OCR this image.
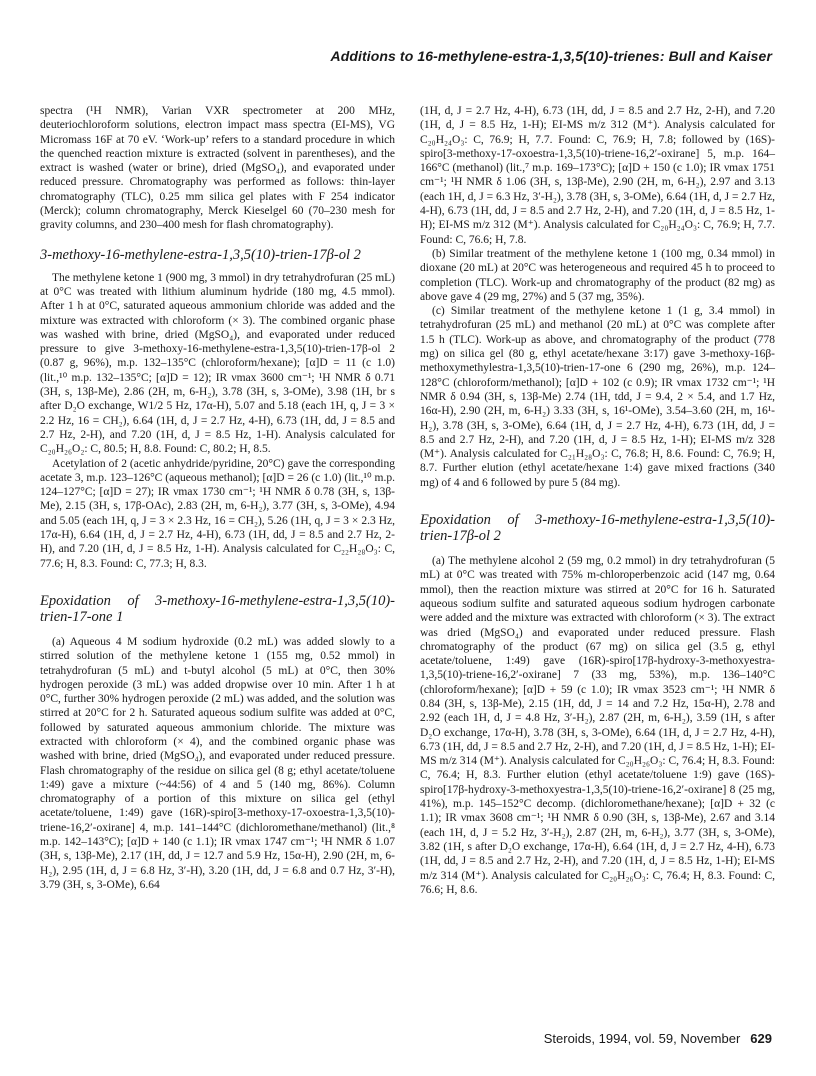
Additions to 16-methylene-estra-1,3,5(10)-trienes: Bull and Kaiser

spectra (¹H NMR), Varian VXR spectrometer at 200 MHz, deuteriochloroform solutions, electron impact mass spectra (EI-MS), VG Micromass 16F at 70 eV. ‘Work-up’ refers to a standard procedure in which the quenched reaction mixture is extracted (solvent in parentheses), and the extract is washed (water or brine), dried (MgSO₄), and evaporated under reduced pressure. Chromatography was performed as follows: thin-layer chromatography (TLC), 0.25 mm silica gel plates with F 254 indicator (Merck); column chromatography, Merck Kieselgel 60 (70–230 mesh for gravity columns, and 230–400 mesh for flash chromatography).

3-methoxy-16-methylene-estra-1,3,5(10)-trien-17β-ol 2

The methylene ketone 1 (900 mg, 3 mmol) in dry tetrahydrofuran (25 mL) at 0°C was treated with lithium aluminum hydride (180 mg, 4.5 mmol). After 1 h at 0°C, saturated aqueous ammonium chloride was added and the mixture was extracted with chloroform (× 3). The combined organic phase was washed with brine, dried (MgSO₄), and evaporated under reduced pressure to give 3-methoxy-16-methylene-estra-1,3,5(10)-trien-17β-ol 2 (0.87 g, 96%), m.p. 132–135°C (chloroform/hexane); [α]D = 11 (c 1.0) (lit.,¹⁰ m.p. 132–135°C; [α]D = 12); IR νmax 3600 cm⁻¹; ¹H NMR δ 0.71 (3H, s, 13β-Me), 2.86 (2H, m, 6-H₂), 3.78 (3H, s, 3-OMe), 3.98 (1H, br s after D₂O exchange, W1/2 5 Hz, 17α-H), 5.07 and 5.18 (each 1H, q, J = 3 × 2.2 Hz, 16 = CH₂), 6.64 (1H, d, J = 2.7 Hz, 4-H), 6.73 (1H, dd, J = 8.5 and 2.7 Hz, 2-H), and 7.20 (1H, d, J = 8.5 Hz, 1-H). Analysis calculated for C₂₀H₂₆O₂: C, 80.5; H, 8.8. Found: C, 80.2; H, 8.5.

Acetylation of 2 (acetic anhydride/pyridine, 20°C) gave the corresponding acetate 3, m.p. 123–126°C (aqueous methanol); [α]D = 26 (c 1.0) (lit.,¹⁰ m.p. 124–127°C; [α]D = 27); IR νmax 1730 cm⁻¹; ¹H NMR δ 0.78 (3H, s, 13β-Me), 2.15 (3H, s, 17β-OAc), 2.83 (2H, m, 6-H₂), 3.77 (3H, s, 3-OMe), 4.94 and 5.05 (each 1H, q, J = 3 × 2.3 Hz, 16 = CH₂), 5.26 (1H, q, J = 3 × 2.3 Hz, 17α-H), 6.64 (1H, d, J = 2.7 Hz, 4-H), 6.73 (1H, dd, J = 8.5 and 2.7 Hz, 2-H), and 7.20 (1H, d, J = 8.5 Hz, 1-H). Analysis calculated for C₂₂H₂₈O₃: C, 77.6; H, 8.3. Found: C, 77.3; H, 8.3.

Epoxidation of 3-methoxy-16-methylene-estra-1,3,5(10)-trien-17-one 1

(a) Aqueous 4 M sodium hydroxide (0.2 mL) was added slowly to a stirred solution of the methylene ketone 1 (155 mg, 0.52 mmol) in tetrahydrofuran (5 mL) and t-butyl alcohol (5 mL) at 0°C, then 30% hydrogen peroxide (3 mL) was added dropwise over 10 min. After 1 h at 0°C, further 30% hydrogen peroxide (2 mL) was added, and the solution was stirred at 20°C for 2 h. Saturated aqueous sodium sulfite was added at 0°C, followed by saturated aqueous ammonium chloride. The mixture was extracted with chloroform (× 4), and the combined organic phase was washed with brine, dried (MgSO₄), and evaporated under reduced pressure. Flash chromatography of the residue on silica gel (8 g; ethyl acetate/toluene 1:49) gave a mixture (~44:56) of 4 and 5 (140 mg, 86%). Column chromatography of a portion of this mixture on silica gel (ethyl acetate/toluene, 1:49) gave (16R)-spiro[3-methoxy-17-oxoestra-1,3,5(10)-triene-16,2′-oxirane] 4, m.p. 141–144°C (dichloromethane/methanol) (lit.,⁸ m.p. 142–143°C); [α]D + 140 (c 1.1); IR νmax 1747 cm⁻¹; ¹H NMR δ 1.07 (3H, s, 13β-Me), 2.17 (1H, dd, J = 12.7 and 5.9 Hz, 15α-H), 2.90 (2H, m, 6-H₂), 2.95 (1H, d, J = 6.8 Hz, 3′-H), 3.20 (1H, dd, J = 6.8 and 0.7 Hz, 3′-H), 3.79 (3H, s, 3-OMe), 6.64

(1H, d, J = 2.7 Hz, 4-H), 6.73 (1H, dd, J = 8.5 and 2.7 Hz, 2-H), and 7.20 (1H, d, J = 8.5 Hz, 1-H); EI-MS m/z 312 (M⁺). Analysis calculated for C₂₀H₂₄O₃: C, 76.9; H, 7.7. Found: C, 76.9; H, 7.8; followed by (16S)-spiro[3-methoxy-17-oxoestra-1,3,5(10)-triene-16,2′-oxirane] 5, m.p. 164–166°C (methanol) (lit.,⁷ m.p. 169–173°C); [α]D + 150 (c 1.0); IR νmax 1751 cm⁻¹; ¹H NMR δ 1.06 (3H, s, 13β-Me), 2.90 (2H, m, 6-H₂), 2.97 and 3.13 (each 1H, d, J = 6.3 Hz, 3′-H₂), 3.78 (3H, s, 3-OMe), 6.64 (1H, d, J = 2.7 Hz, 4-H), 6.73 (1H, dd, J = 8.5 and 2.7 Hz, 2-H), and 7.20 (1H, d, J = 8.5 Hz, 1-H); EI-MS m/z 312 (M⁺). Analysis calculated for C₂₀H₂₄O₃: C, 76.9; H, 7.7. Found: C, 76.6; H, 7.8.

(b) Similar treatment of the methylene ketone 1 (100 mg, 0.34 mmol) in dioxane (20 mL) at 20°C was heterogeneous and required 45 h to proceed to completion (TLC). Work-up and chromatography of the product (82 mg) as above gave 4 (29 mg, 27%) and 5 (37 mg, 35%).

(c) Similar treatment of the methylene ketone 1 (1 g, 3.4 mmol) in tetrahydrofuran (25 mL) and methanol (20 mL) at 0°C was complete after 1.5 h (TLC). Work-up as above, and chromatography of the product (778 mg) on silica gel (80 g, ethyl acetate/hexane 3:17) gave 3-methoxy-16β-methoxymethylestra-1,3,5(10)-trien-17-one 6 (290 mg, 26%), m.p. 124–128°C (chloroform/methanol); [α]D + 102 (c 0.9); IR νmax 1732 cm⁻¹; ¹H NMR δ 0.94 (3H, s, 13β-Me) 2.74 (1H, tdd, J = 9.4, 2 × 5.4, and 1.7 Hz, 16α-H), 2.90 (2H, m, 6-H₂) 3.33 (3H, s, 16¹-OMe), 3.54–3.60 (2H, m, 16¹-H₂), 3.78 (3H, s, 3-OMe), 6.64 (1H, d, J = 2.7 Hz, 4-H), 6.73 (1H, dd, J = 8.5 and 2.7 Hz, 2-H), and 7.20 (1H, d, J = 8.5 Hz, 1-H); EI-MS m/z 328 (M⁺). Analysis calculated for C₂₁H₂₈O₃: C, 76.8; H, 8.6. Found: C, 76.9; H, 8.7. Further elution (ethyl acetate/hexane 1:4) gave mixed fractions (340 mg) of 4 and 6 followed by pure 5 (84 mg).

Epoxidation of 3-methoxy-16-methylene-estra-1,3,5(10)-trien-17β-ol 2

(a) The methylene alcohol 2 (59 mg, 0.2 mmol) in dry tetrahydrofuran (5 mL) at 0°C was treated with 75% m-chloroperbenzoic acid (147 mg, 0.64 mmol), then the reaction mixture was stirred at 20°C for 16 h. Saturated aqueous sodium sulfite and saturated aqueous sodium hydrogen carbonate were added and the mixture was extracted with chloroform (× 3). The extract was dried (MgSO₄) and evaporated under reduced pressure. Flash chromatography of the product (67 mg) on silica gel (3.5 g, ethyl acetate/toluene, 1:49) gave (16R)-spiro[17β-hydroxy-3-methoxyestra-1,3,5(10)-triene-16,2′-oxirane] 7 (33 mg, 53%), m.p. 136–140°C (chloroform/hexane); [α]D + 59 (c 1.0); IR νmax 3523 cm⁻¹; ¹H NMR δ 0.84 (3H, s, 13β-Me), 2.15 (1H, dd, J = 14 and 7.2 Hz, 15α-H), 2.78 and 2.92 (each 1H, d, J = 4.8 Hz, 3′-H₂), 2.87 (2H, m, 6-H₂), 3.59 (1H, s after D₂O exchange, 17α-H), 3.78 (3H, s, 3-OMe), 6.64 (1H, d, J = 2.7 Hz, 4-H), 6.73 (1H, dd, J = 8.5 and 2.7 Hz, 2-H), and 7.20 (1H, d, J = 8.5 Hz, 1-H); EI-MS m/z 314 (M⁺). Analysis calculated for C₂₀H₂₆O₃: C, 76.4; H, 8.3. Found: C, 76.4; H, 8.3. Further elution (ethyl acetate/toluene 1:9) gave (16S)-spiro[17β-hydroxy-3-methoxyestra-1,3,5(10)-triene-16,2′-oxirane] 8 (25 mg, 41%), m.p. 145–152°C decomp. (dichloromethane/hexane); [α]D + 32 (c 1.1); IR νmax 3608 cm⁻¹; ¹H NMR δ 0.90 (3H, s, 13β-Me), 2.67 and 3.14 (each 1H, d, J = 5.2 Hz, 3′-H₂), 2.87 (2H, m, 6-H₂), 3.77 (3H, s, 3-OMe), 3.82 (1H, s after D₂O exchange, 17α-H), 6.64 (1H, d, J = 2.7 Hz, 4-H), 6.73 (1H, dd, J = 8.5 and 2.7 Hz, 2-H), and 7.20 (1H, d, J = 8.5 Hz, 1-H); EI-MS m/z 314 (M⁺). Analysis calculated for C₂₀H₂₆O₃: C, 76.4; H, 8.3. Found: C, 76.6; H, 8.6.

Steroids, 1994, vol. 59, November 629
